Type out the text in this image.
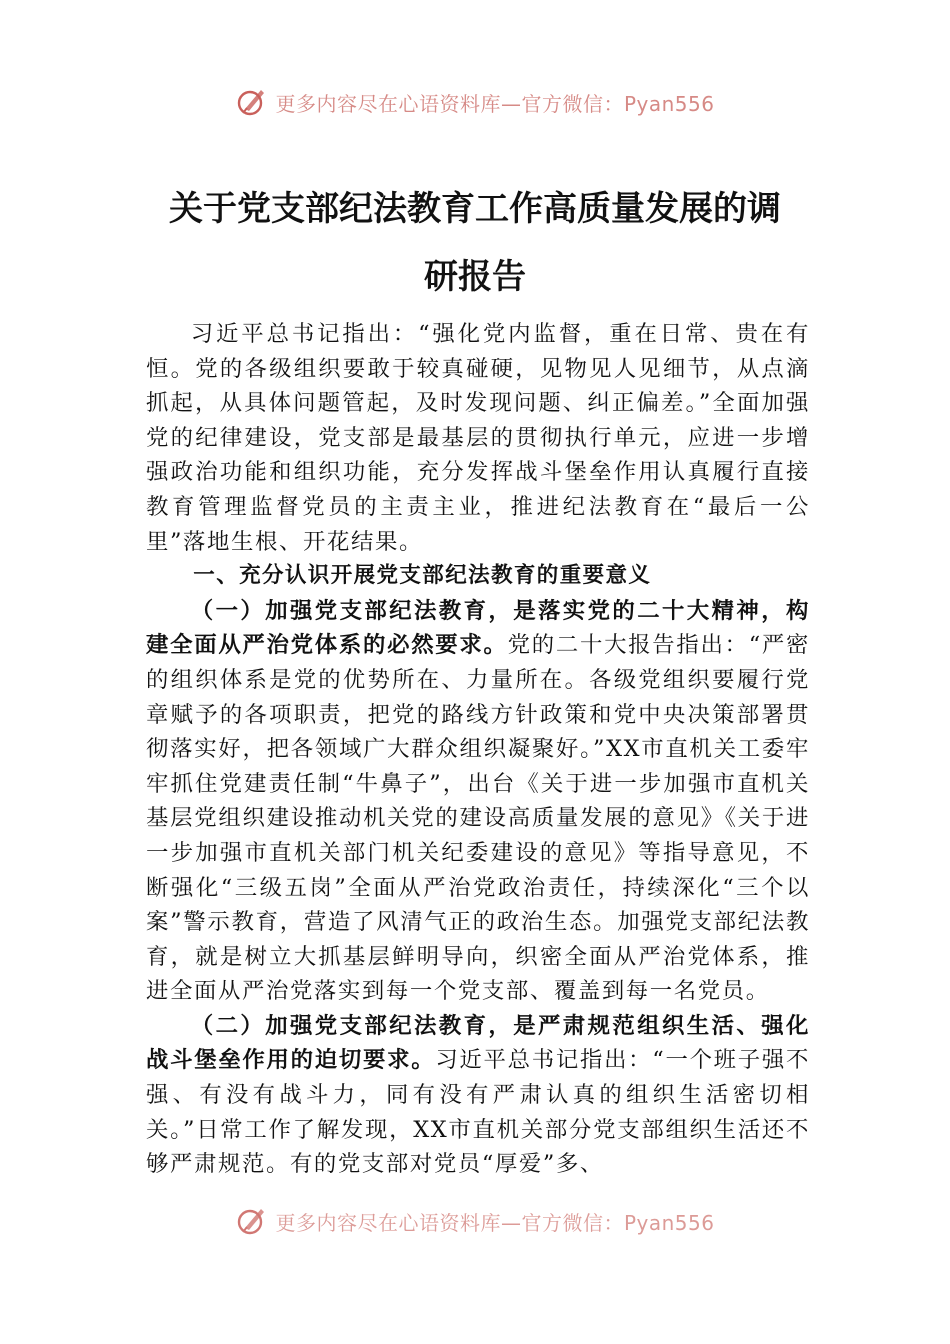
更多内容尽在心语资料库—官方微信：Pyan556
关于党支部纪法教育工作高质量发展的调
研报告

习近平总书记指出：“强化党内监督，重在日常、贵在有恒。党的各级组织要敢于较真碰硬，见物见人见细节，从点滴抓起，从具体问题管起，及时发现问题、纠正偏差。”全面加强党的纪律建设，党支部是最基层的贯彻执行单元，应进一步增强政治功能和组织功能，充分发挥战斗堡垒作用认真履行直接教育管理监督党员的主责主业，推进纪法教育在“最后一公里”落地生根、开花结果。

一、充分认识开展党支部纪法教育的重要意义

（一）加强党支部纪法教育，是落实党的二十大精神，构建全面从严治党体系的必然要求。党的二十大报告指出：“严密的组织体系是党的优势所在、力量所在。各级党组织要履行党章赋予的各项职责，把党的路线方针政策和党中央决策部署贯彻落实好，把各领域广大群众组织凝聚好。”XX市直机关工委牢牢抓住党建责任制“牛鼻子”，出台《关于进一步加强市直机关基层党组织建设推动机关党的建设高质量发展的意见》《关于进一步加强市直机关部门机关纪委建设的意见》等指导意见，不断强化“三级五岗”全面从严治党政治责任，持续深化“三个以案”警示教育，营造了风清气正的政治生态。加强党支部纪法教育，就是树立大抓基层鲜明导向，织密全面从严治党体系，推进全面从严治党落实到每一个党支部、覆盖到每一名党员。

（二）加强党支部纪法教育，是严肃规范组织生活、强化战斗堡垒作用的迫切要求。习近平总书记指出：“一个班子强不强、有没有战斗力，同有没有严肃认真的组织生活密切相关。”日常工作了解发现，XX市直机关部分党支部组织生活还不够严肃规范。有的党支部对党员“厚爱”多、

更多内容尽在心语资料库—官方微信：Pyan556
